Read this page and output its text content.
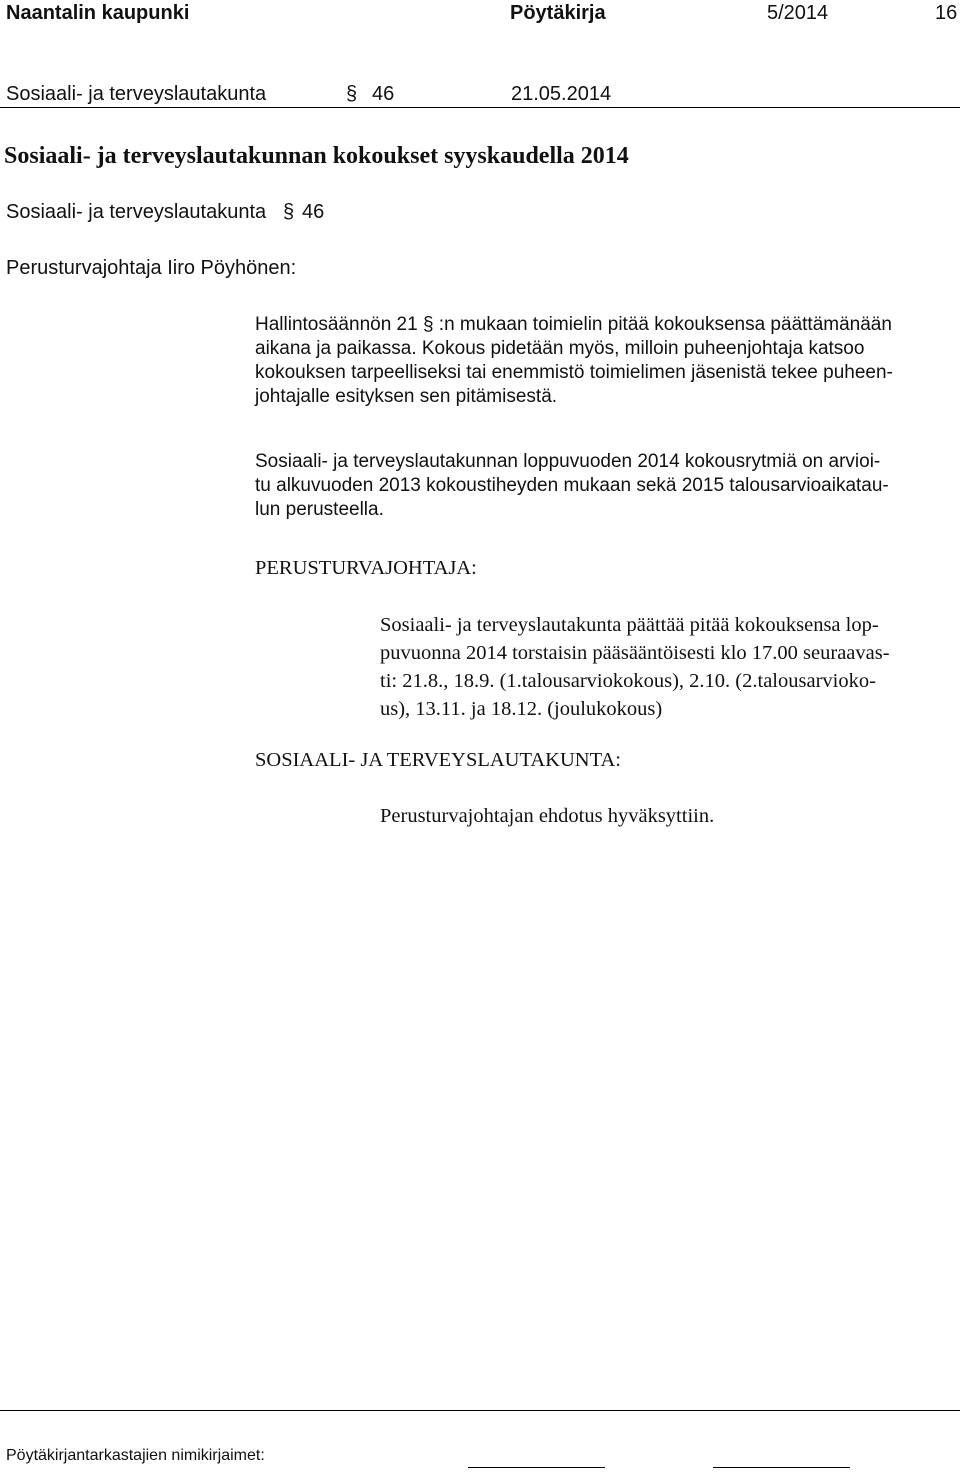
Naantalin kaupunki	Pöytäkirja	5/2014	16
Sosiaali- ja terveyslautakunta	§ 46	21.05.2014
Sosiaali- ja terveyslautakunnan kokoukset syyskaudella 2014
Sosiaali- ja terveyslautakunta § 46
Perusturvajohtaja Iiro Pöyhönen:
Hallintosäännön 21 § :n mukaan toimielin pitää kokouksensa päättämänään
aikana ja paikassa. Kokous pidetään myös, milloin puheenjohtaja katsoo
kokouksen tarpeelliseksi tai enemmistö toimielimen jäsenistä tekee puheen-
johtajalle esityksen sen pitämisestä.
Sosiaali- ja terveyslautakunnan loppuvuoden 2014 kokousrytmiä on arvioi-
tu alkuvuoden 2013 kokoustiheyden mukaan sekä 2015 talousarvioaikatau-
lun perusteella.
PERUSTURVAJOHTAJA:
Sosiaali- ja terveyslautakunta päättää pitää kokouksensa lop-
puvuonna 2014 torstaisin pääsääntöisesti klo 17.00 seuraavas-
ti: 21.8., 18.9. (1.talousarviokokous), 2.10. (2.talousarvioko-
us), 13.11. ja 18.12. (joulukokous)
SOSIAALI- JA TERVEYSLAUTAKUNTA:
Perusturvajohtajan ehdotus hyväksyttiin.
Pöytäkirjantarkastajien nimikirjaimet:
